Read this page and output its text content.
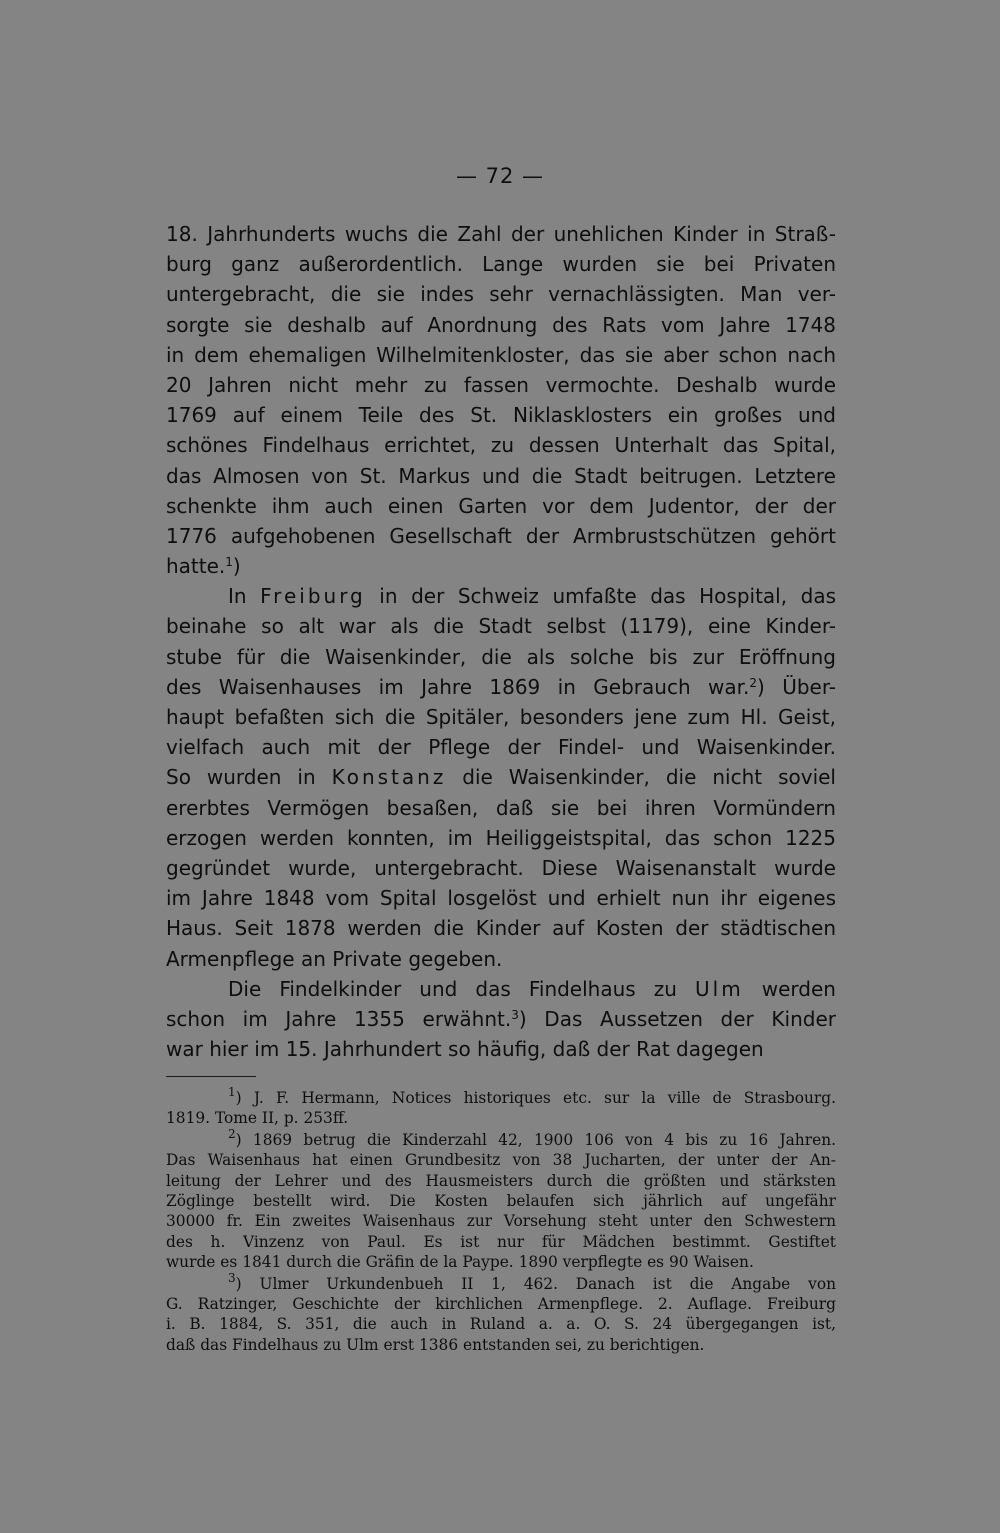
— 72 —
18. Jahrhunderts wuchs die Zahl der unehlichen Kinder in Straß-
burg ganz außerordentlich. Lange wurden sie bei Privaten
untergebracht, die sie indes sehr vernachlässigten. Man ver-
sorgte sie deshalb auf Anordnung des Rats vom Jahre 1748
in dem ehemaligen Wilhelmitenkloster, das sie aber schon nach
20 Jahren nicht mehr zu fassen vermochte. Deshalb wurde
1769 auf einem Teile des St. Niklasklosters ein großes und
schönes Findelhaus errichtet, zu dessen Unterhalt das Spital,
das Almosen von St. Markus und die Stadt beitrugen. Letztere
schenkte ihm auch einen Garten vor dem Judentor, der der
1776 aufgehobenen Gesellschaft der Armbrustschützen gehört
hatte.$^1$)
In Freiburg in der Schweiz umfaßte das Hospital, das
beinahe so alt war als die Stadt selbst (1179), eine Kinder-
stube für die Waisenkinder, die als solche bis zur Eröffnung
des Waisenhauses im Jahre 1869 in Gebrauch war.$^2$) Über-
haupt befaßten sich die Spitäler, besonders jene zum Hl. Geist,
vielfach auch mit der Pflege der Findel- und Waisenkinder.
So wurden in Konstanz die Waisenkinder, die nicht soviel
ererbtes Vermögen besaßen, daß sie bei ihren Vormündern
erzogen werden konnten, im Heiliggeistspital, das schon 1225
gegründet wurde, untergebracht. Diese Waisenanstalt wurde
im Jahre 1848 vom Spital losgelöst und erhielt nun ihr eigenes
Haus. Seit 1878 werden die Kinder auf Kosten der städtischen
Armenpflege an Private gegeben.
Die Findelkinder und das Findelhaus zu Ulm werden
schon im Jahre 1355 erwähnt.$^3$) Das Aussetzen der Kinder
war hier im 15. Jahrhundert so häufig, daß der Rat dagegen
$^1$) J. F. Hermann, Notices historiques etc. sur la ville de Strasbourg.
1819. Tome II, p. 253ff.
$^2$) 1869 betrug die Kinderzahl 42, 1900 106 von 4 bis zu 16 Jahren.
Das Waisenhaus hat einen Grundbesitz von 38 Jucharten, der unter der An-
leitung der Lehrer und des Hausmeisters durch die größten und stärksten
Zöglinge bestellt wird. Die Kosten belaufen sich jährlich auf ungefähr
30000 fr. Ein zweites Waisenhaus zur Vorsehung steht unter den Schwestern
des h. Vinzenz von Paul. Es ist nur für Mädchen bestimmt. Gestiftet
wurde es 1841 durch die Gräfin de la Paype. 1890 verpflegte es 90 Waisen.
$^3$) Ulmer Urkundenbueh II 1, 462. Danach ist die Angabe von
G. Ratzinger, Geschichte der kirchlichen Armenpflege. 2. Auflage. Freiburg
i. B. 1884, S. 351, die auch in Ruland a. a. O. S. 24 übergegangen ist,
daß das Findelhaus zu Ulm erst 1386 entstanden sei, zu berichtigen.
